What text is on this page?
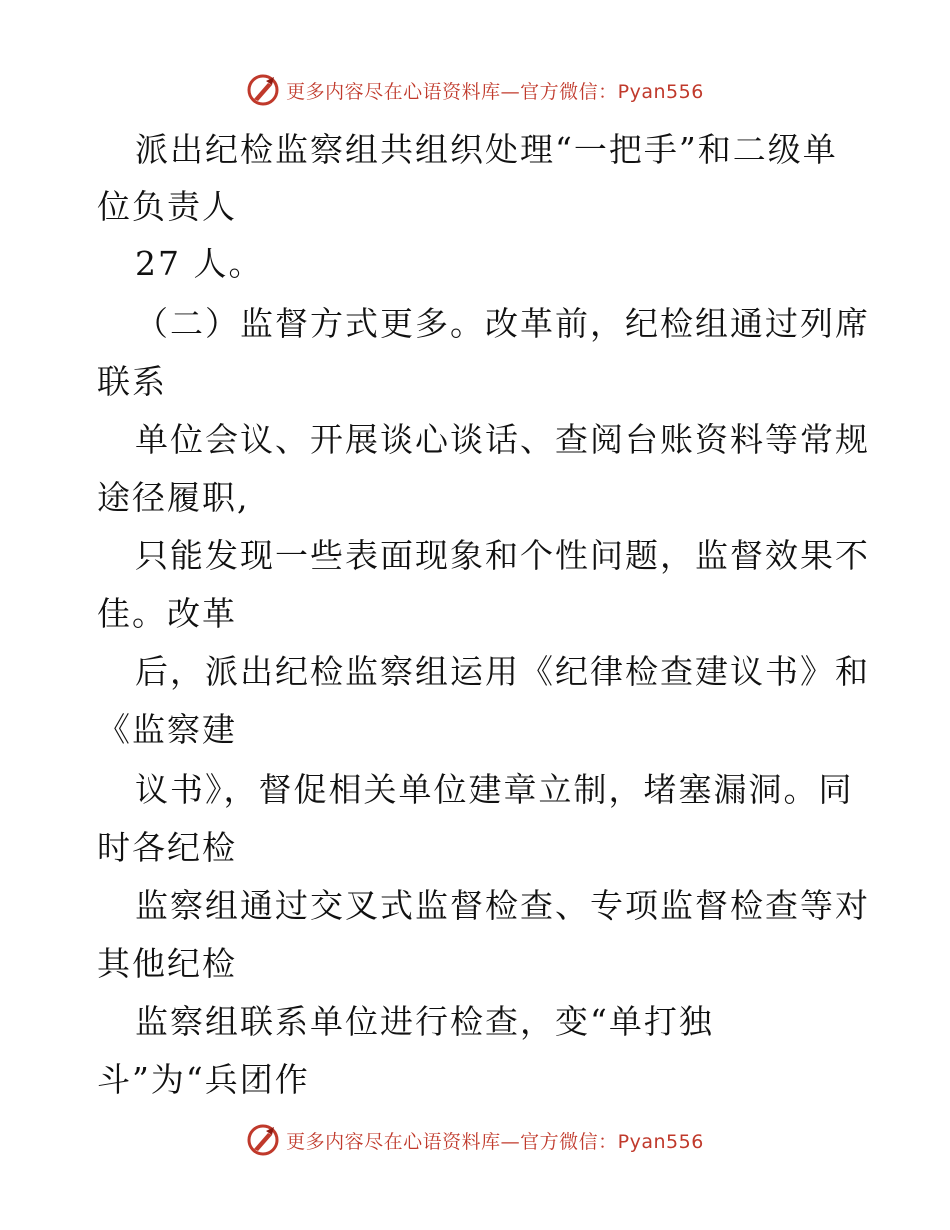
更多内容尽在心语资料库—官方微信：Pyan556
派出纪检监察组共组织处理“一把手”和二级单
位负责人
27 人。
（二）监督方式更多。改革前，纪检组通过列席
联系
单位会议、开展谈心谈话、查阅台账资料等常规
途径履职,
只能发现一些表面现象和个性问题，监督效果不
佳。改革
后，派出纪检监察组运用《纪律检查建议书》和
《监察建
议书》，督促相关单位建章立制，堵塞漏洞。同
时各纪检
监察组通过交叉式监督检查、专项监督检查等对
其他纪检
监察组联系单位进行检查，变“单打独
斗”为“兵团作
更多内容尽在心语资料库—官方微信：Pyan556
